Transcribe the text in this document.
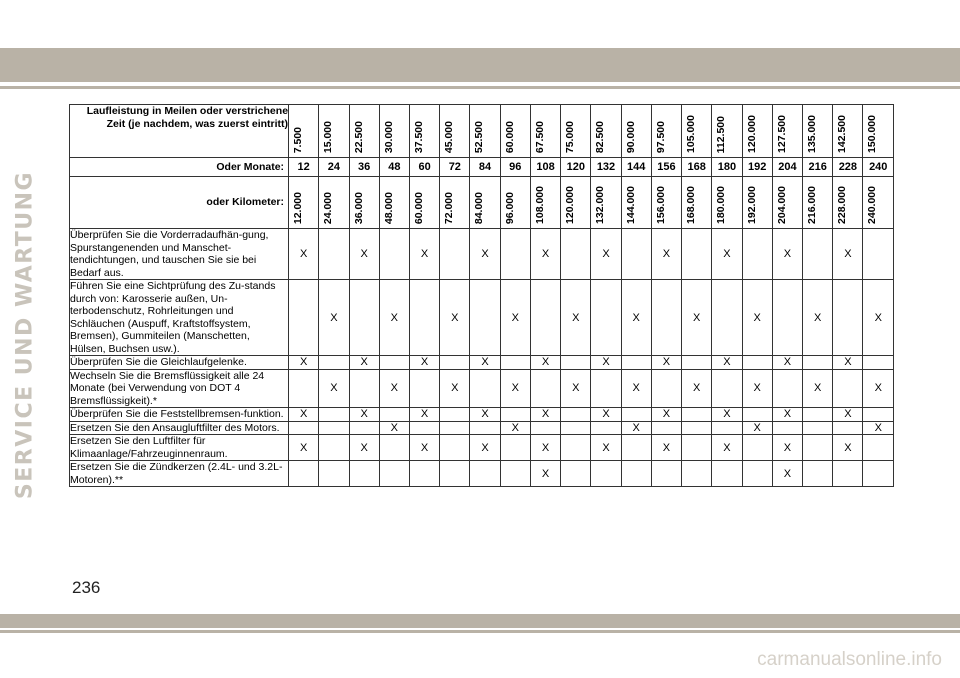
SERVICE UND WARTUNG
Laufleistung in Meilen oder verstrichene Zeit (je nachdem, was zuerst eintritt)	7.500	15.000	22.500	30.000	37.500	45.000	52.500	60.000	67.500	75.000	82.500	90.000	97.500	105.000	112.500	120.000	127.500	135.000	142.500	150.000

Oder Monate:	12	24	36	48	60	72	84	96	108	120	132	144	156	168	180	192	204	216	228	240
oder Kilometer:	12.000	24.000	36.000	48.000	60.000	72.000	84.000	96.000	108.000	120.000	132.000	144.000	156.000	168.000	180.000	192.000	204.000	216.000	228.000	240.000

Überprüfen Sie die Vorderradaufhän-gung, Spurstangenenden und Manschet-tendichtungen, und tauschen Sie sie bei Bedarf aus.	X		X		X		X		X		X		X		X		X		X	
Führen Sie eine Sichtprüfung des Zu-stands durch von: Karosserie außen, Un-terbodenschutz, Rohrleitungen und Schläuchen (Auspuff, Kraftstoffsystem, Bremsen), Gummiteilen (Manschetten, Hülsen, Buchsen usw.).		X		X		X		X		X		X		X		X		X		X
Überprüfen Sie die Gleichlaufgelenke.	X		X		X		X		X		X		X		X		X		X	
Wechseln Sie die Bremsflüssigkeit alle 24 Monate (bei Verwendung von DOT 4 Bremsflüssigkeit).*		X		X		X		X		X		X		X		X		X		X
Überprüfen Sie die Feststellbremsen-funktion.	X		X		X		X		X		X		X		X		X		X	
Ersetzen Sie den Ansaugluftfilter des Motors.				X				X				X				X				X
Ersetzen Sie den Luftfilter für Klimaanlage/Fahrzeuginnenraum.	X		X		X		X		X		X		X		X		X		X	
Ersetzen Sie die Zündkerzen (2.4L- und 3.2L-Motoren).**									X								X			
236
carmanualsonline.info
